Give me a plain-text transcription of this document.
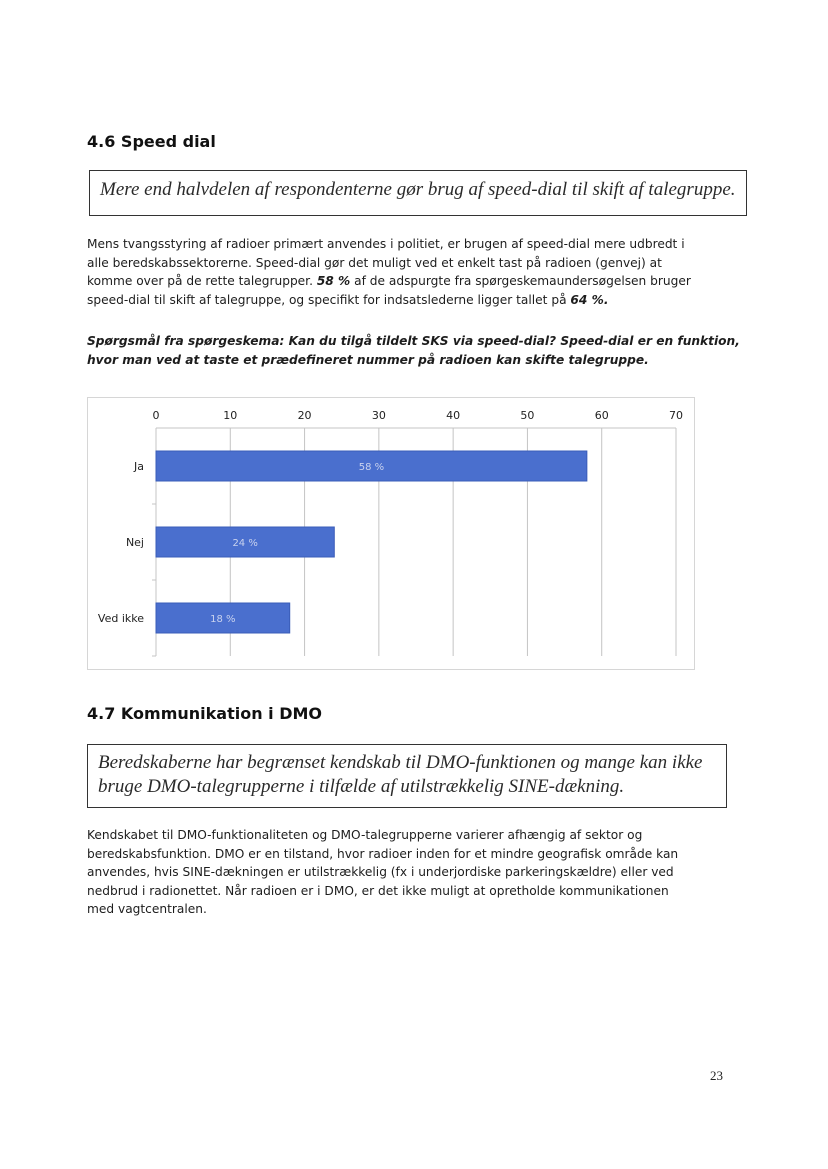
4.6 Speed dial
Mere end halvdelen af respondenterne gør brug af speed-dial til skift af talegruppe.
Mens tvangsstyring af radioer primært anvendes i politiet, er brugen af speed-dial mere udbredt i
alle beredskabssektorerne. Speed-dial gør det muligt ved et enkelt tast på radioen (genvej) at
komme over på de rette talegrupper. 58 % af de adspurgte fra spørgeskemaundersøgelsen bruger
speed-dial til skift af talegruppe, og specifikt for indsatslederne ligger tallet på 64 %.
Spørgsmål fra spørgeskema: Kan du tilgå tildelt SKS via speed-dial? Speed-dial er en funktion,
hvor man ved at taste et prædefineret nummer på radioen kan skifte talegruppe.
0	10	20	30	40	50	60	70
58 %
Ja
24 %
Nej
18 %
Ved ikke
4.7 Kommunikation i DMO
Beredskaberne har begrænset kendskab til DMO-funktionen og mange kan ikke
bruge DMO-talegrupperne i tilfælde af utilstrækkelig SINE-dækning.
Kendskabet til DMO-funktionaliteten og DMO-talegrupperne varierer afhængig af sektor og
beredskabsfunktion. DMO er en tilstand, hvor radioer inden for et mindre geografisk område kan
anvendes, hvis SINE-dækningen er utilstrækkelig (fx i underjordiske parkeringskældre) eller ved
nedbrud i radionettet. Når radioen er i DMO, er det ikke muligt at opretholde kommunikationen
med vagtcentralen.
23
